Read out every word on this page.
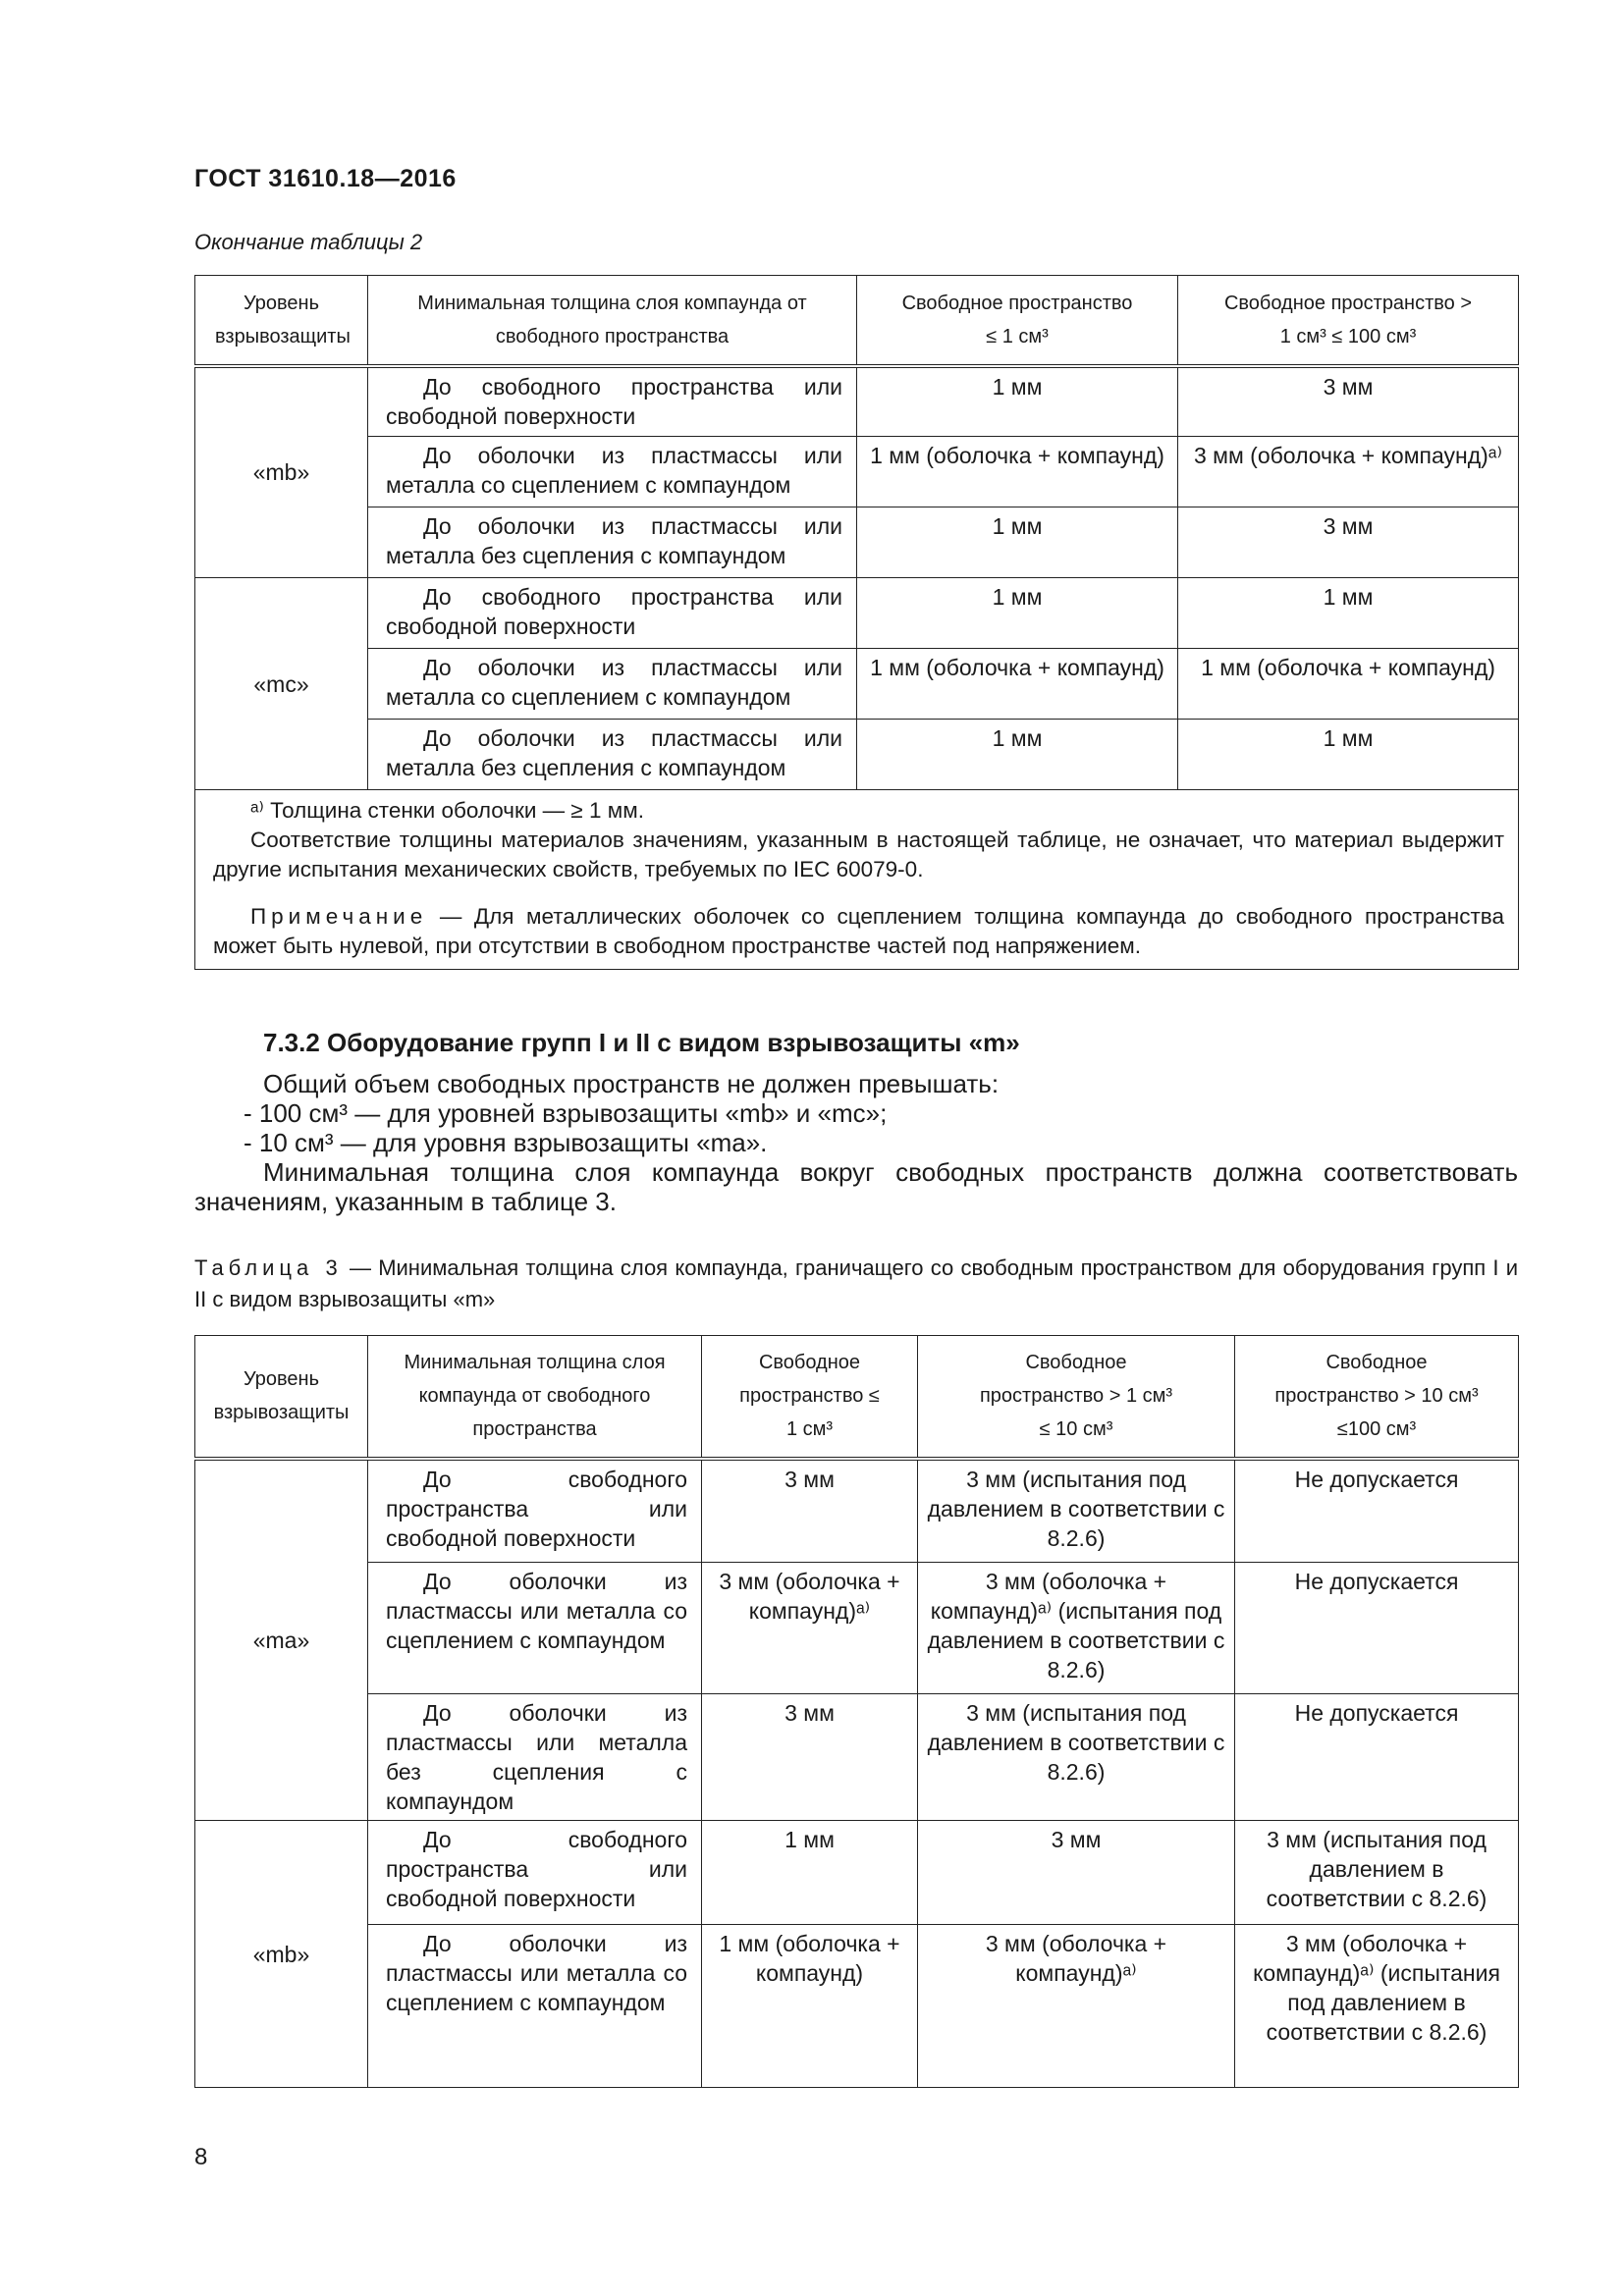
ГОСТ 31610.18—2016
Окончание таблицы 2
Уровень взрывозащиты	Минимальная толщина слоя компаунда от свободного пространства	Свободное пространство ≤ 1 см³	Свободное пространство > 1 см³ ≤ 100 см³
«mb»	До свободного пространства или свободной поверхности	1 мм	3 мм
	До оболочки из пластмассы или металла со сцеплением с компаундом	1 мм (оболочка + компаунд)	3 мм (оболочка + компаунд)ᵃ⁾
	До оболочки из пластмассы или металла без сцепления с компаундом	1 мм	3 мм
«mc»	До свободного пространства или свободной поверхности	1 мм	1 мм
	До оболочки из пластмассы или металла со сцеплением с компаундом	1 мм (оболочка + компаунд)	1 мм (оболочка + компаунд)
	До оболочки из пластмассы или металла без сцепления с компаундом	1 мм	1 мм

ᵃ⁾ Толщина стенки оболочки — ≥ 1 мм.

Соответствие толщины материалов значениям, указанным в настоящей таблице, не означает, что материал выдержит другие испытания механических свойств, требуемых по IEC 60079-0.

Примечание — Для металлических оболочек со сцеплением толщина компаунда до свободного пространства может быть нулевой, при отсутствии в свободном пространстве частей под напряжением.			

7.3.2 Оборудование групп I и II с видом взрывозащиты «m»

Общий объем свободных пространств не должен превышать:

- 100 см³ — для уровней взрывозащиты «mb» и «mc»;

- 10 см³ — для уровня взрывозащиты «ma».

Минимальная толщина слоя компаунда вокруг свободных пространств должна соответствовать значениям, указанным в таблице 3.

Таблица 3 — Минимальная толщина слоя компаунда, граничащего со свободным пространством для оборудования групп I и II с видом взрывозащиты «m»
Уровень взрывозащиты	Минимальная толщина слоя компаунда от свободного пространства	Свободное пространство ≤ 1 см³	Свободное пространство > 1 см³ ≤ 10 см³	Свободное пространство > 10 см³ ≤100 см³
«ma»	До свободного пространства или свободной поверхности	3 мм	3 мм (испытания под давлением в соответствии с 8.2.6)	Не допускается
	До оболочки из пластмассы или металла со сцеплением с компаундом	3 мм (оболочка + компаунд)ᵃ⁾	3 мм (оболочка + компаунд)ᵃ⁾ (испытания под давлением в соответствии с 8.2.6)	Не допускается
	До оболочки из пластмассы или металла без сцепления с компаундом	3 мм	3 мм (испытания под давлением в соответствии с 8.2.6)	Не допускается
«mb»	До свободного пространства или свободной поверхности	1 мм	3 мм	3 мм (испытания под давлением в соответствии с 8.2.6)
	До оболочки из пластмассы или металла со сцеплением с компаундом	1 мм (оболочка + компаунд)	3 мм (оболочка + компаунд)ᵃ⁾	3 мм (оболочка + компаунд)ᵃ⁾ (испытания под давлением в соответствии с 8.2.6)
8
